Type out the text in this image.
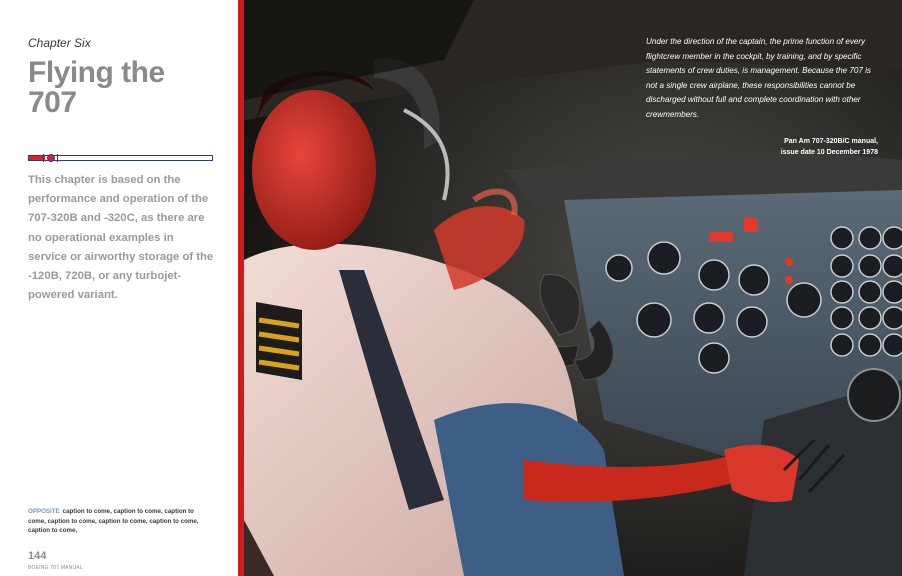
Chapter Six
Flying the
707
This chapter is based on the performance and operation of the 707-320B and -320C, as there are no operational examples in service or airworthy storage of the -120B, 720B, or any turbojet-powered variant.
OPPOSITE caption to come, caption to come, caption to come, caption to come, caption to come, caption to come, caption to come,
144
BOEING 707 MANUAL
Under the direction of the captain, the prime function of every flightcrew member in the cockpit, by training, and by specific statements of crew duties, is management. Because the 707 is not a single crew airplane, these responsibilities cannot be discharged without full and complete coordination with other crewmembers.
Pan Am 707-320B/C manual,
issue date 10 December 1978
